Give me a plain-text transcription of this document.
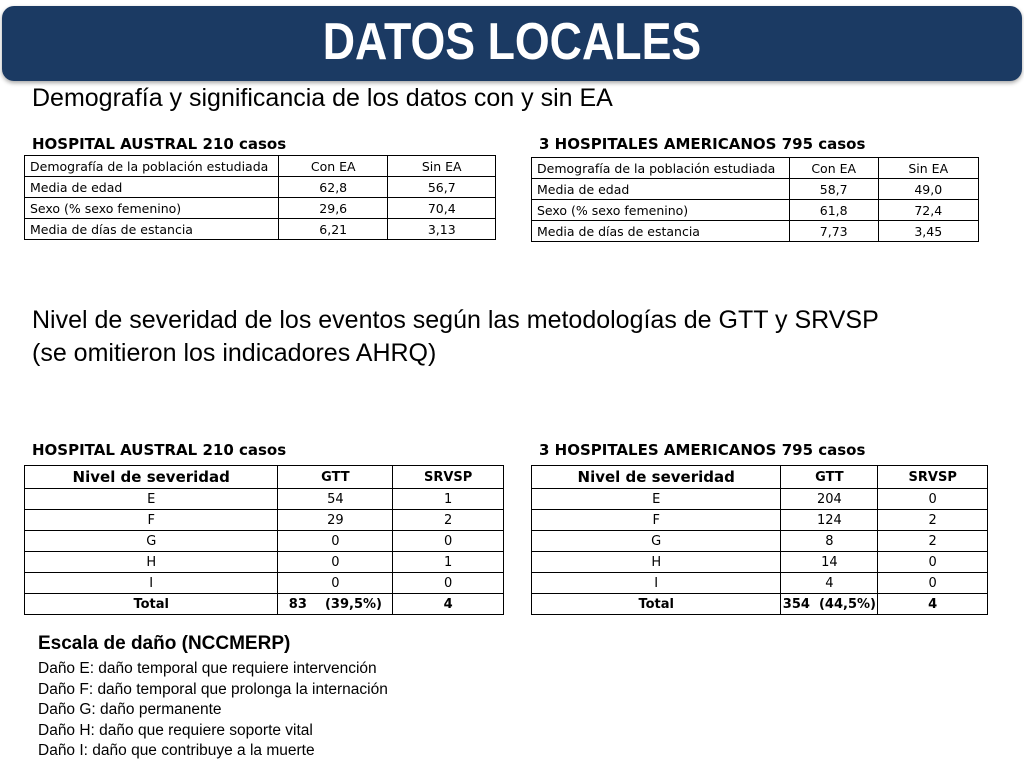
DATOS LOCALES
Demografía y significancia de los datos con y sin EA
HOSPITAL AUSTRAL 210 casos
Demografía de la población estudiada	Con EA	Sin EA
Media de edad	62,8	56,7
Sexo (% sexo femenino)	29,6	70,4
Media de días de estancia	6,21	3,13
3 HOSPITALES AMERICANOS 795 casos
Demografía de la población estudiada	Con EA	Sin EA
Media de edad	58,7	49,0
Sexo (% sexo femenino)	61,8	72,4
Media de días de estancia	7,73	3,45
Nivel de severidad de los eventos según las metodologías de GTT y SRVSP
(se omitieron los indicadores AHRQ)
HOSPITAL AUSTRAL 210 casos
Nivel de severidad	GTT	SRVSP
E	54	1
F	29	2
G	0	0
H	0	1
I	0	0
Total	83    (39,5%)	4
3 HOSPITALES AMERICANOS 795 casos
Nivel de severidad	GTT	SRVSP
E	204	0
F	124	2
G	8	2
H	14	0
I	4	0
Total	354  (44,5%)	4
Escala de daño (NCCMERP)
Daño E: daño temporal que requiere intervención
Daño F: daño temporal que prolonga la internación
Daño G: daño permanente
Daño H: daño que requiere soporte vital
Daño I: daño que contribuye a la muerte
